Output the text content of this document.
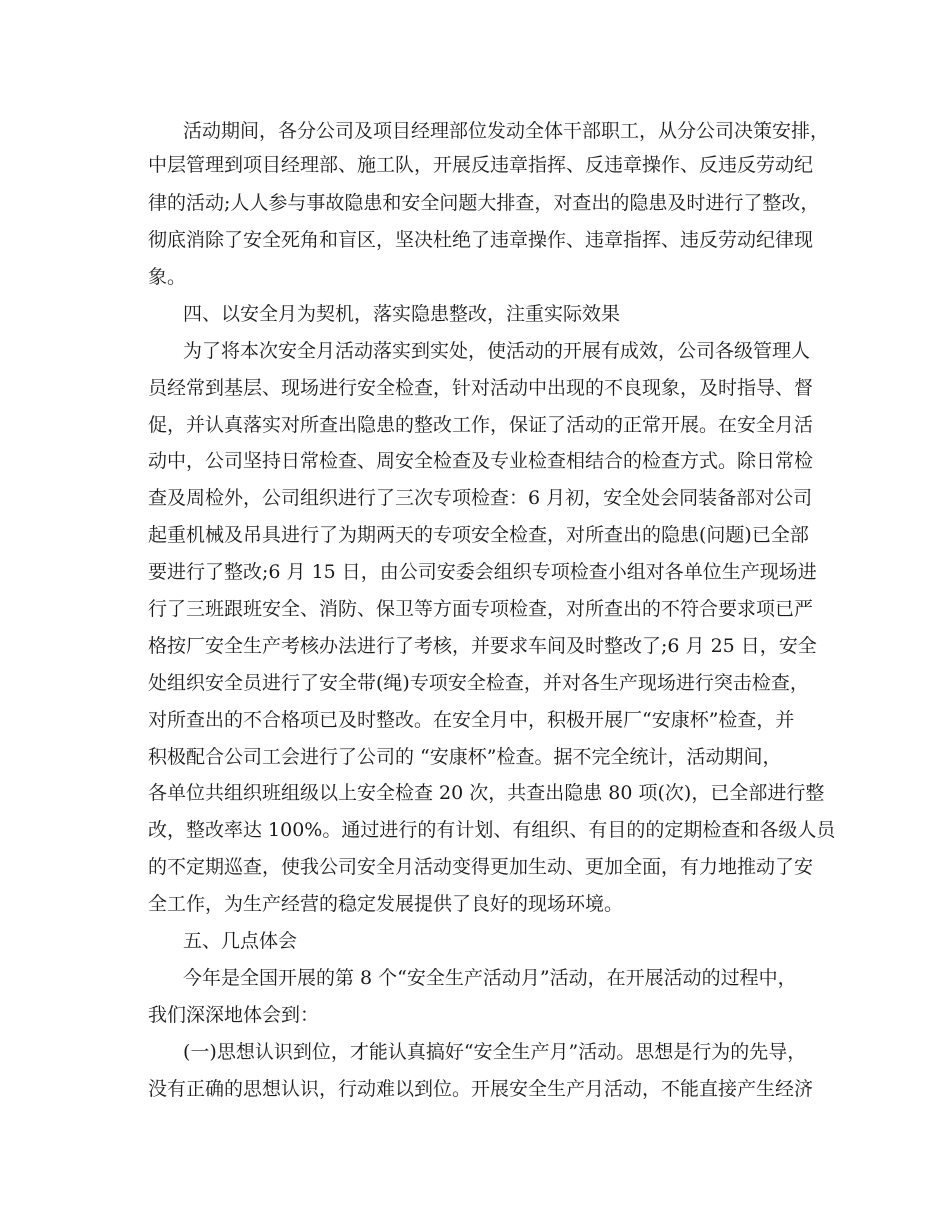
活动期间，各分公司及项目经理部位发动全体干部职工，从分公司决策安排，
中层管理到项目经理部、施工队，开展反违章指挥、反违章操作、反违反劳动纪
律的活动;人人参与事故隐患和安全问题大排查，对查出的隐患及时进行了整改，
彻底消除了安全死角和盲区，坚决杜绝了违章操作、违章指挥、违反劳动纪律现
象。
四、以安全月为契机，落实隐患整改，注重实际效果
为了将本次安全月活动落实到实处，使活动的开展有成效，公司各级管理人
员经常到基层、现场进行安全检查，针对活动中出现的不良现象，及时指导、督
促，并认真落实对所查出隐患的整改工作，保证了活动的正常开展。在安全月活
动中，公司坚持日常检查、周安全检查及专业检查相结合的检查方式。除日常检
查及周检外，公司组织进行了三次专项检查：6 月初，安全处会同装备部对公司
起重机械及吊具进行了为期两天的专项安全检查，对所查出的隐患(问题)已全部
要进行了整改;6 月 15 日，由公司安委会组织专项检查小组对各单位生产现场进
行了三班跟班安全、消防、保卫等方面专项检查，对所查出的不符合要求项已严
格按厂安全生产考核办法进行了考核，并要求车间及时整改了;6 月 25 日，安全
处组织安全员进行了安全带(绳)专项安全检查，并对各生产现场进行突击检查，
对所查出的不合格项已及时整改。在安全月中，积极开展厂“安康杯”检查，并
积极配合公司工会进行了公司的 “安康杯”检查。据不完全统计，活动期间，
各单位共组织班组级以上安全检查 20 次，共查出隐患 80 项(次)，已全部进行整
改，整改率达 100%。通过进行的有计划、有组织、有目的的定期检查和各级人员
的不定期巡查，使我公司安全月活动变得更加生动、更加全面，有力地推动了安
全工作，为生产经营的稳定发展提供了良好的现场环境。
五、几点体会
今年是全国开展的第 8 个“安全生产活动月”活动，在开展活动的过程中，
我们深深地体会到：
(一)思想认识到位，才能认真搞好“安全生产月”活动。思想是行为的先导，
没有正确的思想认识，行动难以到位。开展安全生产月活动，不能直接产生经济
